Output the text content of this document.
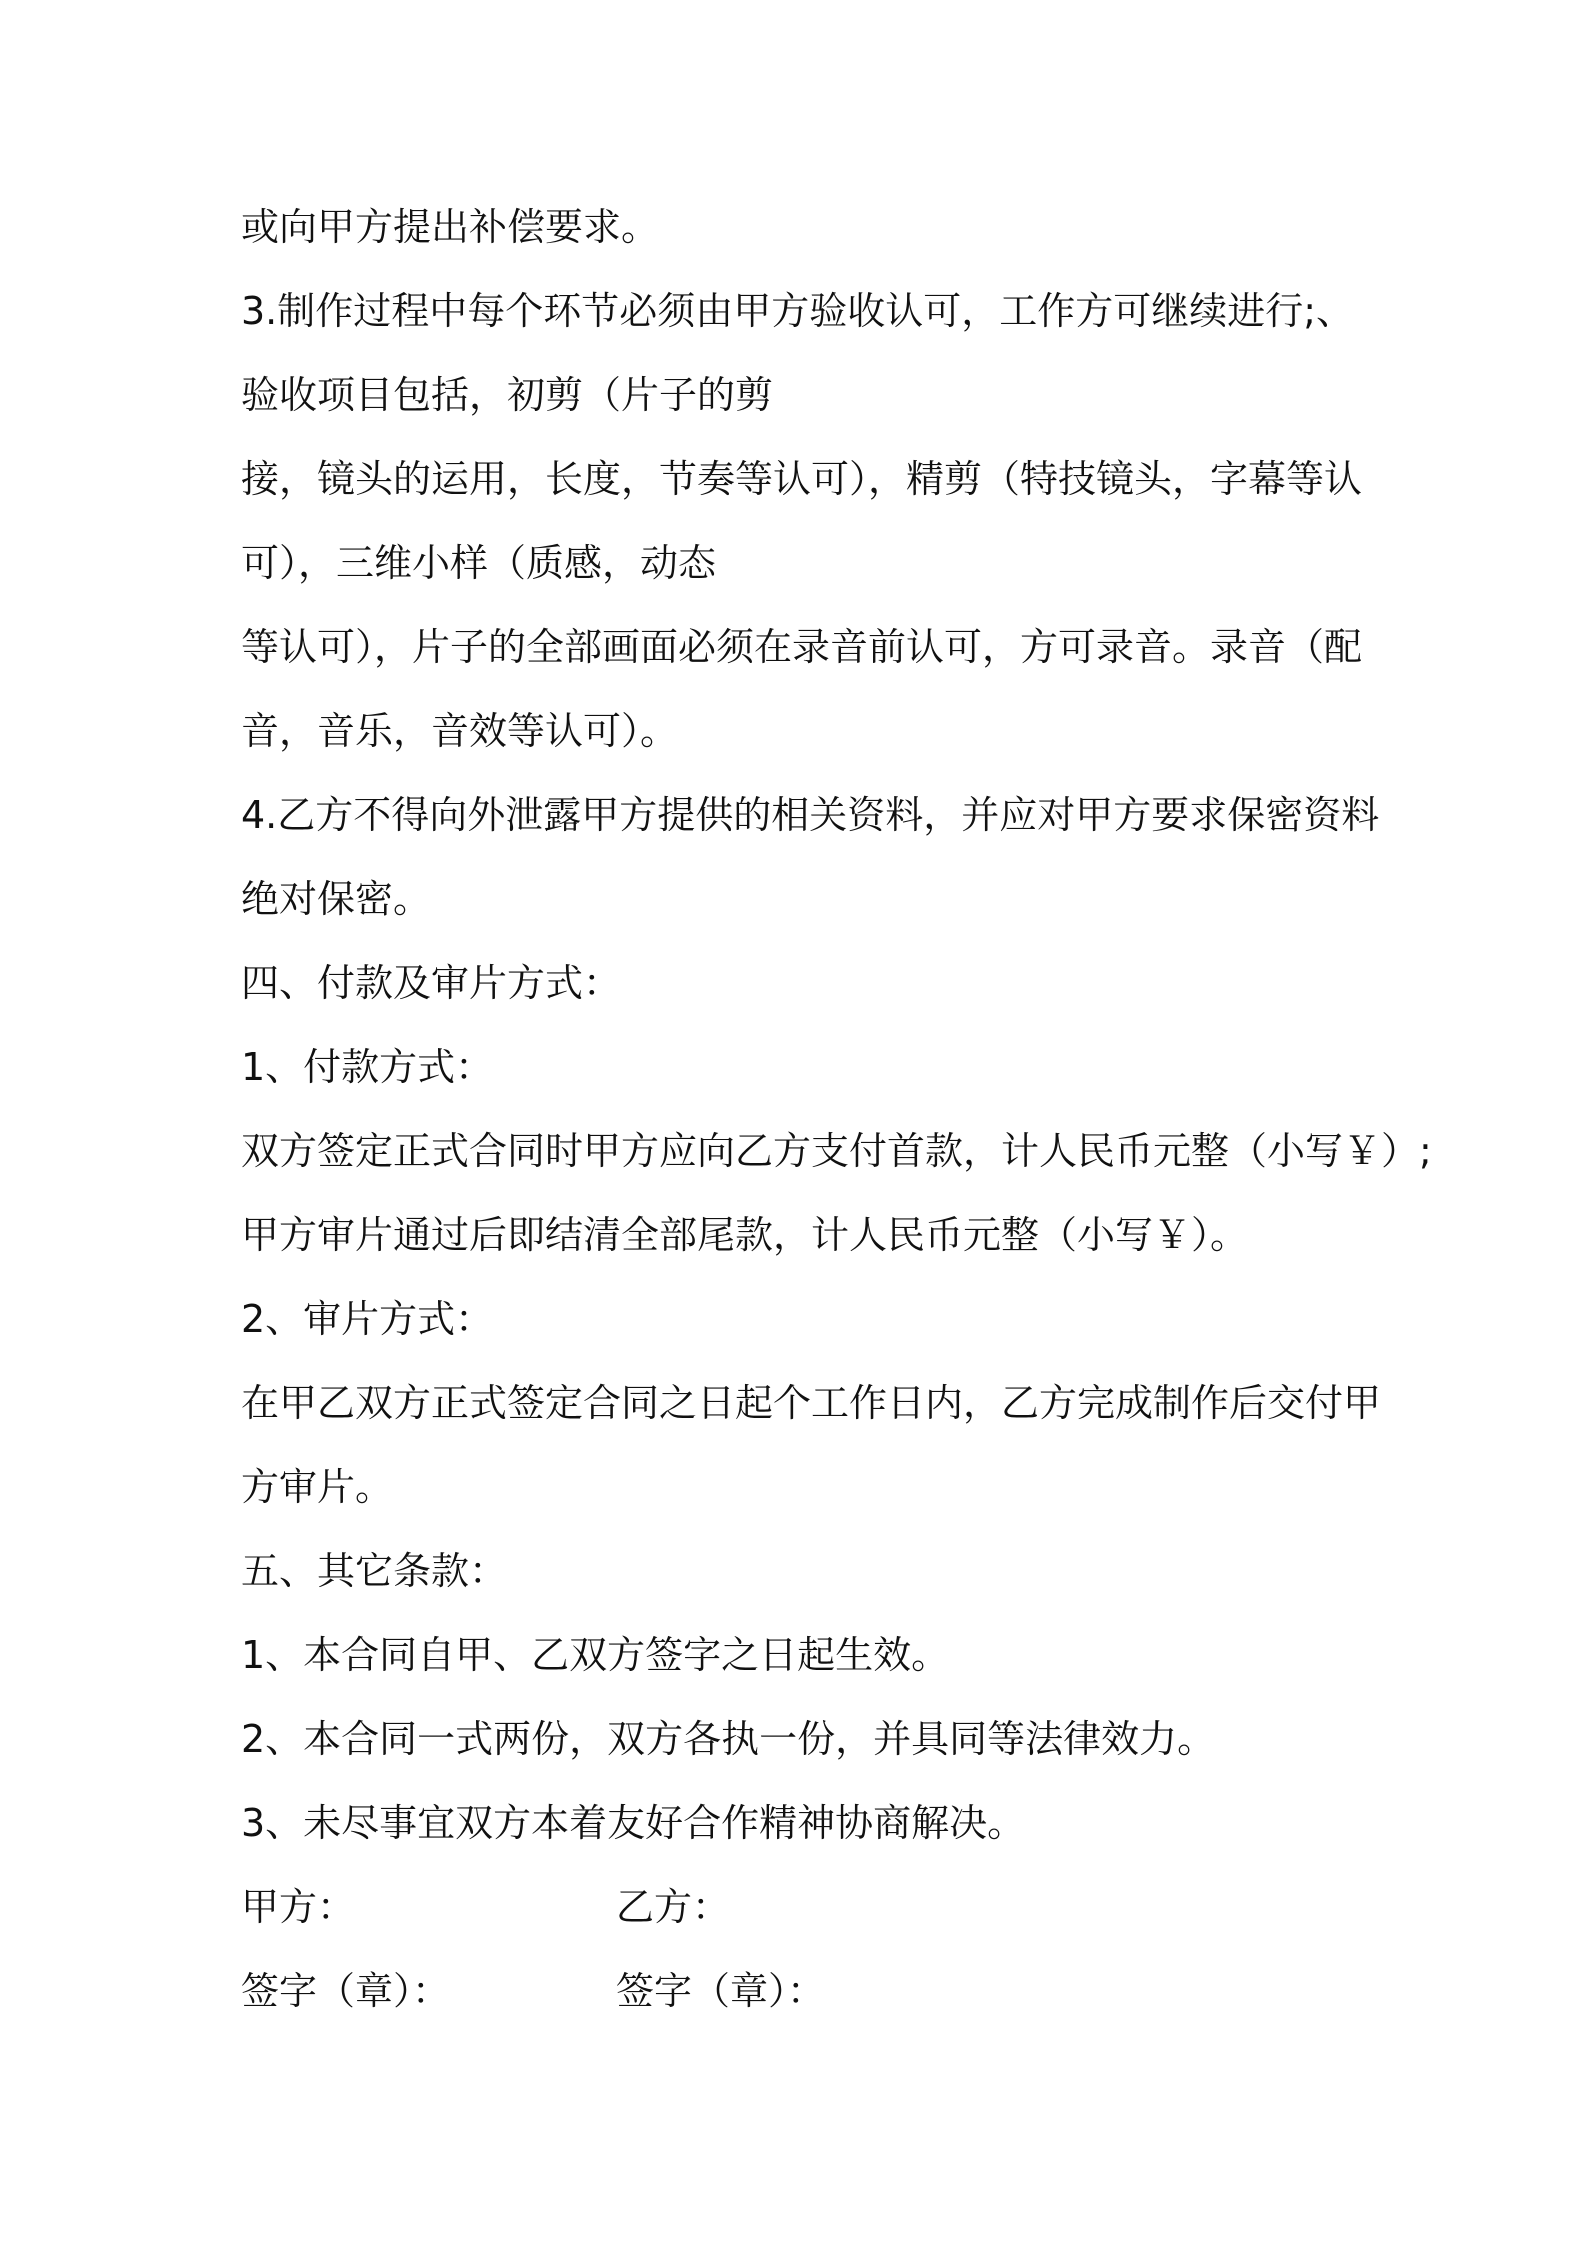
或向甲方提出补偿要求。
3.制作过程中每个环节必须由甲方验收认可，工作方可继续进行;、
验收项目包括，初剪（片子的剪
接，镜头的运用，长度，节奏等认可），精剪（特技镜头，字幕等认
可），三维小样（质感，动态
等认可），片子的全部画面必须在录音前认可，方可录音。录音（配
音，音乐，音效等认可）。
4.乙方不得向外泄露甲方提供的相关资料，并应对甲方要求保密资料
绝对保密。
四、付款及审片方式：
1、付款方式：
双方签定正式合同时甲方应向乙方支付首款，计人民币元整（小写￥）;
甲方审片通过后即结清全部尾款，计人民币元整（小写￥）。
2、审片方式：
在甲乙双方正式签定合同之日起个工作日内，乙方完成制作后交付甲
方审片。
五、其它条款：
1、本合同自甲、乙双方签字之日起生效。
2、本合同一式两份，双方各执一份，并具同等法律效力。
3、未尽事宜双方本着友好合作精神协商解决。
甲方：	乙方：
签字（章）：	签字（章）：
